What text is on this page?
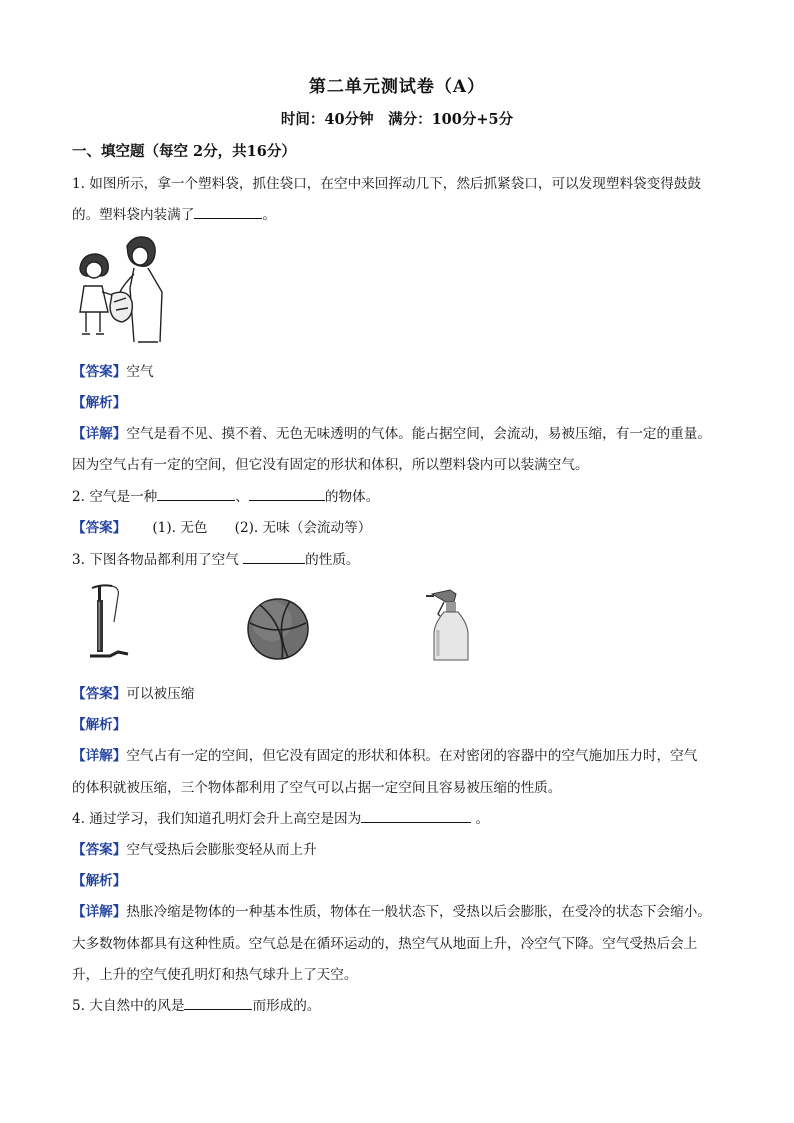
第二单元测试卷（A）
时间：40分钟　满分：100分+5分
一、填空题（每空 2分，共16分）
1. 如图所示，拿一个塑料袋，抓住袋口，在空中来回挥动几下，然后抓紧袋口，可以发现塑料袋变得鼓鼓
的。塑料袋内装满了	。
【答案】空气
【解析】
【详解】空气是看不见、摸不着、无色无味透明的气体。能占据空间，会流动，易被压缩，有一定的重量。
因为空气占有一定的空间，但它没有固定的形状和体积，所以塑料袋内可以装满空气。
2. 空气是一种	、	的物体。
【答案】 (1). 无色　　(2). 无味（会流动等）
3. 下图各物品都利用了空气	的性质。
【答案】可以被压缩
【解析】
【详解】空气占有一定的空间，但它没有固定的形状和体积。在对密闭的容器中的空气施加压力时，空气
的体积就被压缩，三个物体都利用了空气可以占据一定空间且容易被压缩的性质。
4. 通过学习，我们知道孔明灯会升上高空是因为	。
【答案】空气受热后会膨胀变轻从而上升
【解析】
【详解】热胀冷缩是物体的一种基本性质，物体在一般状态下，受热以后会膨胀，在受冷的状态下会缩小。
大多数物体都具有这种性质。空气总是在循环运动的，热空气从地面上升，冷空气下降。空气受热后会上
升，上升的空气使孔明灯和热气球升上了天空。
5. 大自然中的风是	而形成的。
